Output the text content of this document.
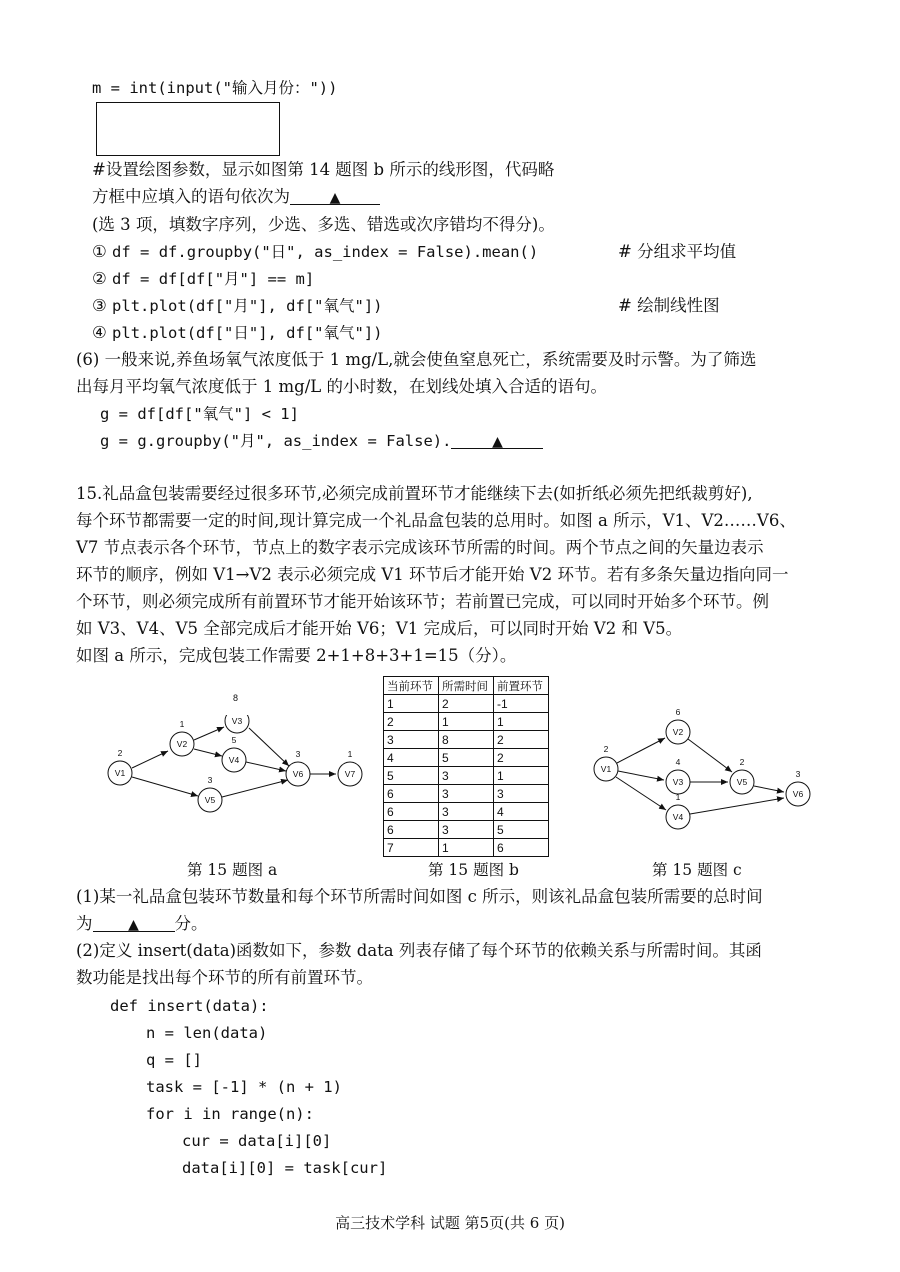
m = int(input("输入月份："))
#设置绘图参数，显示如图第 14 题图 b 所示的线形图，代码略
方框中应填入的语句依次为	▲
(选 3 项，填数字序列，少选、多选、错选或次序错均不得分)。
① df = df.groupby("日", as_index = False).mean()	# 分组求平均值
② df = df[df["月"] == m]
③ plt.plot(df["月"], df["氧气"])	# 绘制线性图
④ plt.plot(df["日"], df["氧气"])
(6) 一般来说,养鱼场氧气浓度低于 1 mg/L,就会使鱼窒息死亡，系统需要及时示警。为了筛选
出每月平均氧气浓度低于 1 mg/L 的小时数，在划线处填入合适的语句。
g = df[df["氧气"] < 1]
g = g.groupby("月", as_index = False).	▲
15.礼品盒包装需要经过很多环节,必须完成前置环节才能继续下去(如折纸必须先把纸裁剪好),
每个环节都需要一定的时间,现计算完成一个礼品盒包装的总用时。如图 a 所示，V1、V2……V6、
V7 节点表示各个环节，节点上的数字表示完成该环节所需的时间。两个节点之间的矢量边表示
环节的顺序，例如 V1→V2 表示必须完成 V1 环节后才能开始 V2 环节。若有多条矢量边指向同一
个环节，则必须完成所有前置环节才能开始该环节；若前置已完成，可以同时开始多个环节。例
如 V3、V4、V5 全部完成后才能开始 V6；V1 完成后，可以同时开始 V2 和 V5。
如图 a 所示，完成包装工作需要 2+1+8+3+1=15（分）。
V1
V2
V3
V4
V5
V6	V7
2
1
5
3
3	1
8
当前环节	所需时间	前置环节
1	2	-1
2	1	1
3	8	2
4	5	2
5	3	1
6	3	3
6	3	4
6	3	5
7	1	6
V1
V2
V3
V4
V5
V6
2
6
4
1
2
3
第 15 题图 a	第 15 题图 b	第 15 题图 c
(1)某一礼品盒包装环节数量和每个环节所需时间如图 c 所示，则该礼品盒包装所需要的总时间
为	▲ 分。
(2)定义 insert(data)函数如下，参数 data 列表存储了每个环节的依赖关系与所需时间。其函
数功能是找出每个环节的所有前置环节。
def insert(data):
n = len(data)
q = []
task = [-1] * (n + 1)
for i in range(n):
cur = data[i][0]
data[i][0] = task[cur]
高三技术学科 试题 第5页(共 6 页)
